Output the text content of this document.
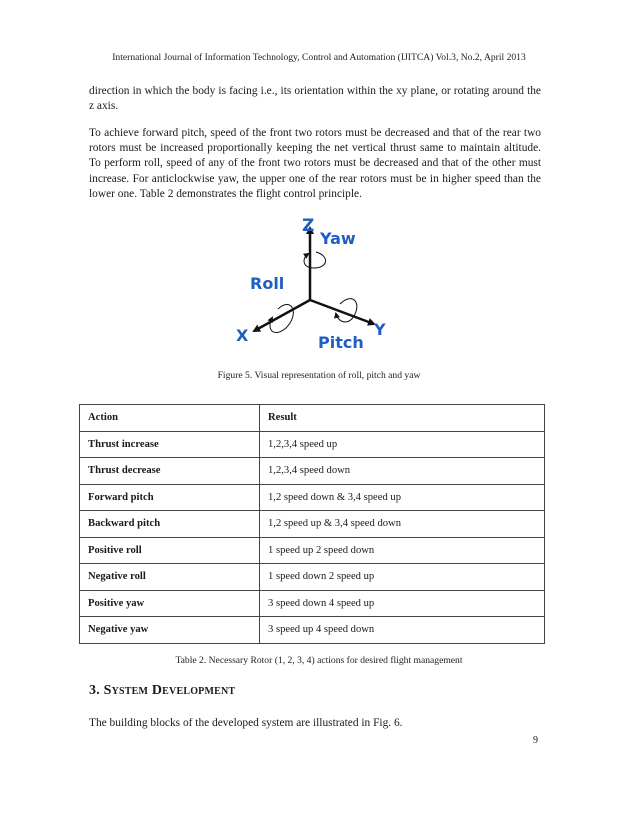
International Journal of Information Technology, Control and Automation (IJITCA) Vol.3, No.2, April 2013

direction in which the body is facing i.e., its orientation within the xy plane, or rotating around the z axis.

To achieve forward pitch, speed of the front two rotors must be decreased and that of the rear two rotors must be increased proportionally keeping the net vertical thrust same to maintain altitude. To perform roll, speed of any of the front two rotors must be decreased and that of the other must increase. For anticlockwise yaw, the upper one of the rear rotors must be in higher speed than the lower one. Table 2 demonstrates the flight control principle.

Z
Yaw
Roll
X	Y
Pitch
Figure 5. Visual representation of roll, pitch and yaw
Action	Result
Thrust increase	1,2,3,4 speed up
Thrust decrease	1,2,3,4 speed down
Forward pitch	1,2 speed down & 3,4 speed up
Backward pitch	1,2 speed up & 3,4 speed down
Positive roll	1 speed up 2 speed down
Negative roll	1 speed down 2 speed up
Positive yaw	3 speed down 4 speed up
Negative yaw	3 speed up 4 speed down
Table 2. Necessary Rotor (1, 2, 3, 4) actions for desired flight management
3. System Development

The building blocks of the developed system are illustrated in Fig. 6.

9
